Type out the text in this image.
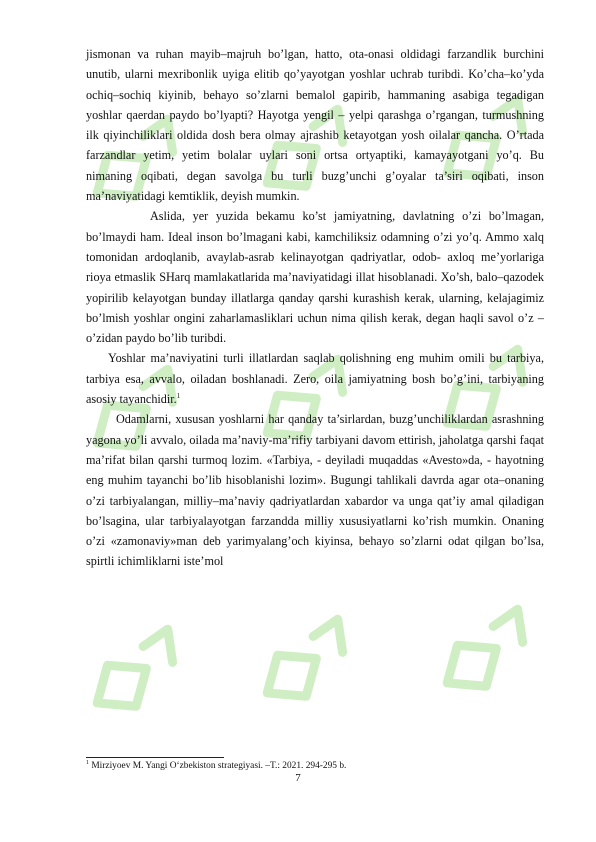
jismonan va ruhan mayib–majruh bo’lgan, hatto, ota-onasi oldidagi farzandlik burchini unutib, ularni mexribonlik uyiga elitib qo’yayotgan yoshlar uchrab turibdi. Ko’cha–ko’yda ochiq–sochiq kiyinib, behayo so’zlarni bemalol gapirib, hammaning asabiga tegadigan yoshlar qaerdan paydo bo’lyapti? Hayotga yengil – yelpi qarashga o’rgangan, turmushning ilk qiyinchiliklari oldida dosh bera olmay ajrashib ketayotgan yosh oilalar qancha. O’rtada farzandlar yetim, yetim bolalar uylari soni ortsa ortyaptiki, kamayayotgani yo’q. Bu nimaning oqibati, degan savolga bu turli buzg’unchi g’oyalar ta’siri oqibati, inson ma’naviyatidagi kemtiklik, deyish mumkin.

Aslida, yer yuzida bekamu ko’st jamiyatning, davlatning o’zi bo’lmagan, bo’lmaydi ham. Ideal inson bo’lmagani kabi, kamchiliksiz odamning o’zi yo’q. Ammo xalq tomonidan ardoqlanib, avaylab-asrab kelinayotgan qadriyatlar, odob- axloq me’yorlariga rioya etmaslik SHarq mamlakatlarida ma’naviyatidagi illat hisoblanadi. Xo’sh, balo–qazodek yopirilib kelayotgan bunday illatlarga qanday qarshi kurashish kerak, ularning, kelajagimiz bo’lmish yoshlar ongini zaharlamasliklari uchun nima qilish kerak, degan haqli savol o’z – o’zidan paydo bo’lib turibdi.

Yoshlar ma’naviyatini turli illatlardan saqlab qolishning eng muhim omili bu tarbiya, tarbiya esa, avvalo, oiladan boshlanadi. Zero, oila jamiyatning bosh bo’g’ini, tarbiyaning asosiy tayanchidir.$^1$

Odamlarni, xususan yoshlarni har qanday ta’sirlardan, buzg’unchiliklardan asrashning yagona yo’li avvalo, oilada ma’naviy-ma’rifiy tarbiyani davom ettirish, jaholatga qarshi faqat ma’rifat bilan qarshi turmoq lozim. «Tarbiya, - deyiladi muqaddas «Avesto»da, - hayotning eng muhim tayanchi bo’lib hisoblanishi lozim». Bugungi tahlikali davrda agar ota–onaning o’zi tarbiyalangan, milliy–ma’naviy qadriyatlardan xabardor va unga qat’iy amal qiladigan bo’lsagina, ular tarbiyalayotgan farzandda milliy xususiyatlarni ko’rish mumkin. Onaning o’zi «zamonaviy»man deb yarimyalang’och kiyinsa, behayo so’zlarni odat qilgan bo’lsa, spirtli ichimliklarni iste’mol

$^1$ Mirziyoev M. Yangi O‘zbekiston strategiyasi. –T.: 2021. 294-295 b.
7
